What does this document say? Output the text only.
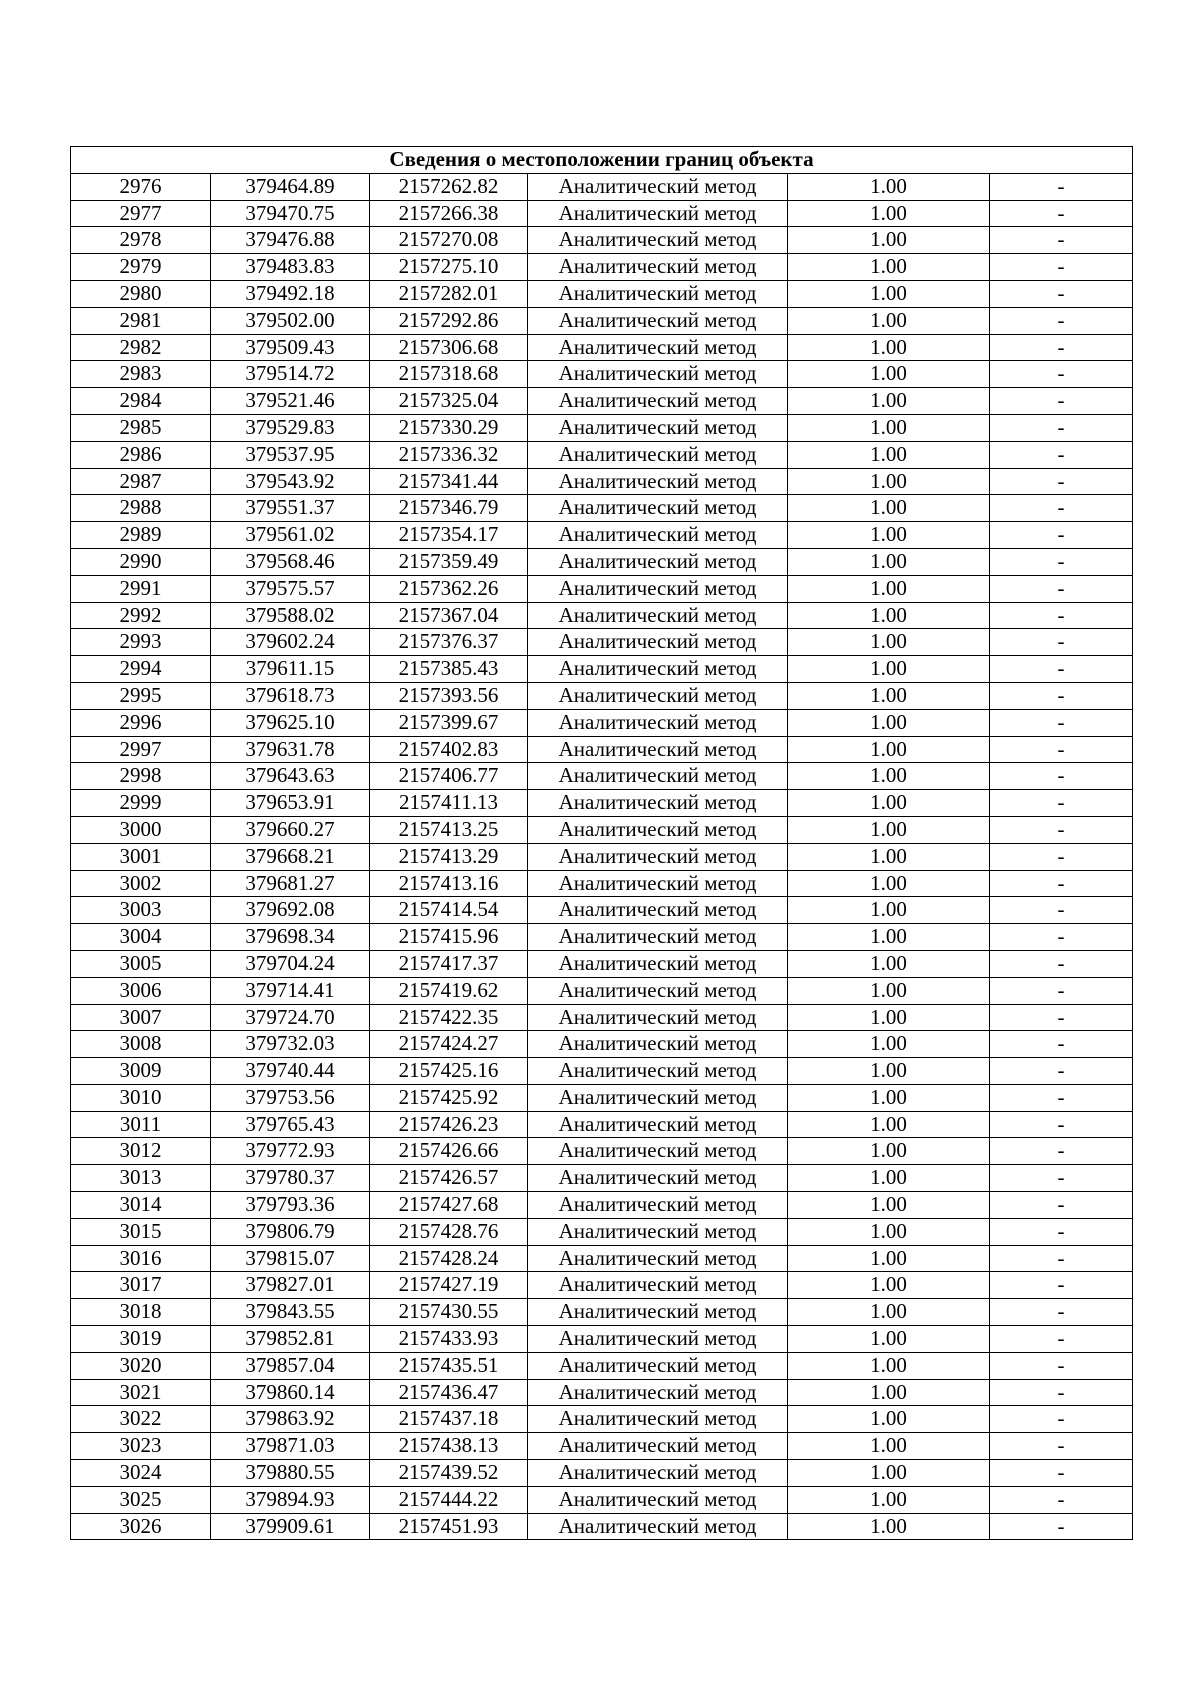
Сведения о местоположении границ объекта					
2976	379464.89	2157262.82	Аналитический метод	1.00	-
2977	379470.75	2157266.38	Аналитический метод	1.00	-
2978	379476.88	2157270.08	Аналитический метод	1.00	-
2979	379483.83	2157275.10	Аналитический метод	1.00	-
2980	379492.18	2157282.01	Аналитический метод	1.00	-
2981	379502.00	2157292.86	Аналитический метод	1.00	-
2982	379509.43	2157306.68	Аналитический метод	1.00	-
2983	379514.72	2157318.68	Аналитический метод	1.00	-
2984	379521.46	2157325.04	Аналитический метод	1.00	-
2985	379529.83	2157330.29	Аналитический метод	1.00	-
2986	379537.95	2157336.32	Аналитический метод	1.00	-
2987	379543.92	2157341.44	Аналитический метод	1.00	-
2988	379551.37	2157346.79	Аналитический метод	1.00	-
2989	379561.02	2157354.17	Аналитический метод	1.00	-
2990	379568.46	2157359.49	Аналитический метод	1.00	-
2991	379575.57	2157362.26	Аналитический метод	1.00	-
2992	379588.02	2157367.04	Аналитический метод	1.00	-
2993	379602.24	2157376.37	Аналитический метод	1.00	-
2994	379611.15	2157385.43	Аналитический метод	1.00	-
2995	379618.73	2157393.56	Аналитический метод	1.00	-
2996	379625.10	2157399.67	Аналитический метод	1.00	-
2997	379631.78	2157402.83	Аналитический метод	1.00	-
2998	379643.63	2157406.77	Аналитический метод	1.00	-
2999	379653.91	2157411.13	Аналитический метод	1.00	-
3000	379660.27	2157413.25	Аналитический метод	1.00	-
3001	379668.21	2157413.29	Аналитический метод	1.00	-
3002	379681.27	2157413.16	Аналитический метод	1.00	-
3003	379692.08	2157414.54	Аналитический метод	1.00	-
3004	379698.34	2157415.96	Аналитический метод	1.00	-
3005	379704.24	2157417.37	Аналитический метод	1.00	-
3006	379714.41	2157419.62	Аналитический метод	1.00	-
3007	379724.70	2157422.35	Аналитический метод	1.00	-
3008	379732.03	2157424.27	Аналитический метод	1.00	-
3009	379740.44	2157425.16	Аналитический метод	1.00	-
3010	379753.56	2157425.92	Аналитический метод	1.00	-
3011	379765.43	2157426.23	Аналитический метод	1.00	-
3012	379772.93	2157426.66	Аналитический метод	1.00	-
3013	379780.37	2157426.57	Аналитический метод	1.00	-
3014	379793.36	2157427.68	Аналитический метод	1.00	-
3015	379806.79	2157428.76	Аналитический метод	1.00	-
3016	379815.07	2157428.24	Аналитический метод	1.00	-
3017	379827.01	2157427.19	Аналитический метод	1.00	-
3018	379843.55	2157430.55	Аналитический метод	1.00	-
3019	379852.81	2157433.93	Аналитический метод	1.00	-
3020	379857.04	2157435.51	Аналитический метод	1.00	-
3021	379860.14	2157436.47	Аналитический метод	1.00	-
3022	379863.92	2157437.18	Аналитический метод	1.00	-
3023	379871.03	2157438.13	Аналитический метод	1.00	-
3024	379880.55	2157439.52	Аналитический метод	1.00	-
3025	379894.93	2157444.22	Аналитический метод	1.00	-
3026	379909.61	2157451.93	Аналитический метод	1.00	-
